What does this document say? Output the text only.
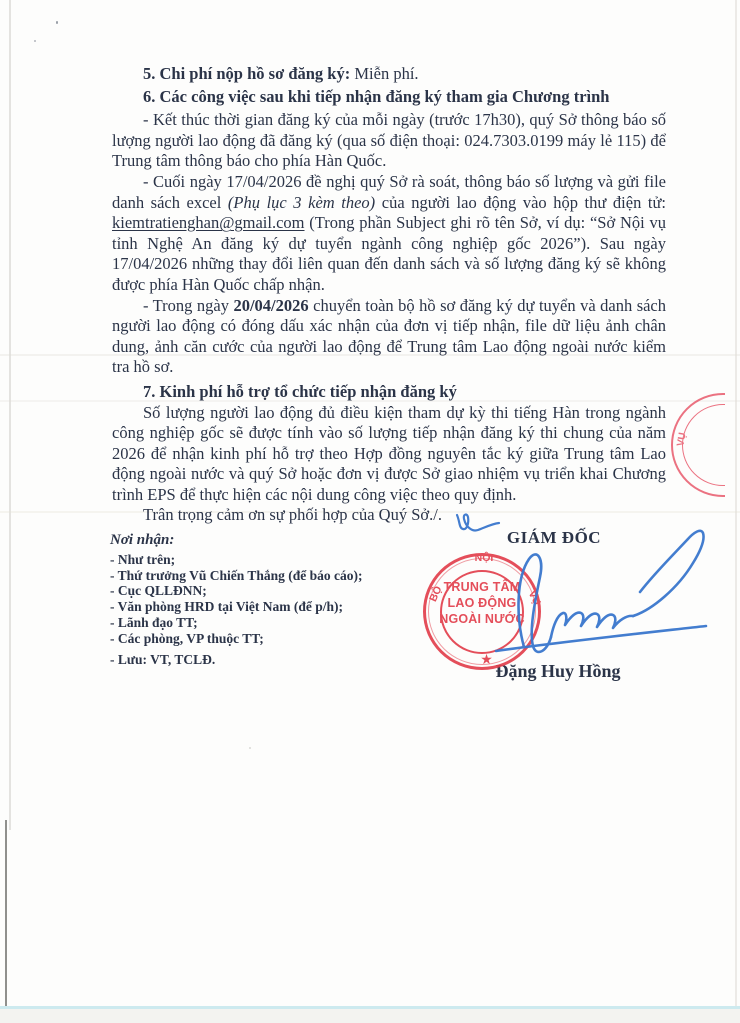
5. Chi phí nộp hồ sơ đăng ký: Miễn phí.

6. Các công việc sau khi tiếp nhận đăng ký tham gia Chương trình

- Kết thúc thời gian đăng ký của mỗi ngày (trước 17h30), quý Sở thông báo số lượng người lao động đã đăng ký (qua số điện thoại: 024.7303.0199 máy lẻ 115) để Trung tâm thông báo cho phía Hàn Quốc.

- Cuối ngày 17/04/2026 đề nghị quý Sở rà soát, thông báo số lượng và gửi file danh sách excel (Phụ lục 3 kèm theo) của người lao động vào hộp thư điện tử: kiemtratienghan@gmail.com (Trong phần Subject ghi rõ tên Sở, ví dụ: “Sở Nội vụ tỉnh Nghệ An đăng ký dự tuyển ngành công nghiệp gốc 2026”). Sau ngày 17/04/2026 những thay đổi liên quan đến danh sách và số lượng đăng ký sẽ không được phía Hàn Quốc chấp nhận.

- Trong ngày 20/04/2026 chuyển toàn bộ hồ sơ đăng ký dự tuyển và danh sách người lao động có đóng dấu xác nhận của đơn vị tiếp nhận, file dữ liệu ảnh chân dung, ảnh căn cước của người lao động để Trung tâm Lao động ngoài nước kiểm tra hồ sơ.

7. Kinh phí hỗ trợ tổ chức tiếp nhận đăng ký

Số lượng người lao động đủ điều kiện tham dự kỳ thi tiếng Hàn trong ngành công nghiệp gốc sẽ được tính vào số lượng tiếp nhận đăng ký thi chung của năm 2026 để nhận kinh phí hỗ trợ theo Hợp đồng nguyên tắc ký giữa Trung tâm Lao động ngoài nước và quý Sở hoặc đơn vị được Sở giao nhiệm vụ triển khai Chương trình EPS để thực hiện các nội dung công việc theo quy định.

Trân trọng cảm ơn sự phối hợp của Quý Sở./.

Nơi nhận:
- Như trên;
- Thứ trưởng Vũ Chiến Thắng (để báo cáo);
- Cục QLLĐNN;
- Văn phòng HRD tại Việt Nam (để p/h);
- Lãnh đạo TT;
- Các phòng, VP thuộc TT;
- Lưu: VT, TCLĐ.
GIÁM ĐỐC
Đặng Huy Hồng
NỘI
BỘ	VỤ
TRUNG TÂM
LAO ĐỘNG
NGOÀI NƯỚC
★
VỤ
